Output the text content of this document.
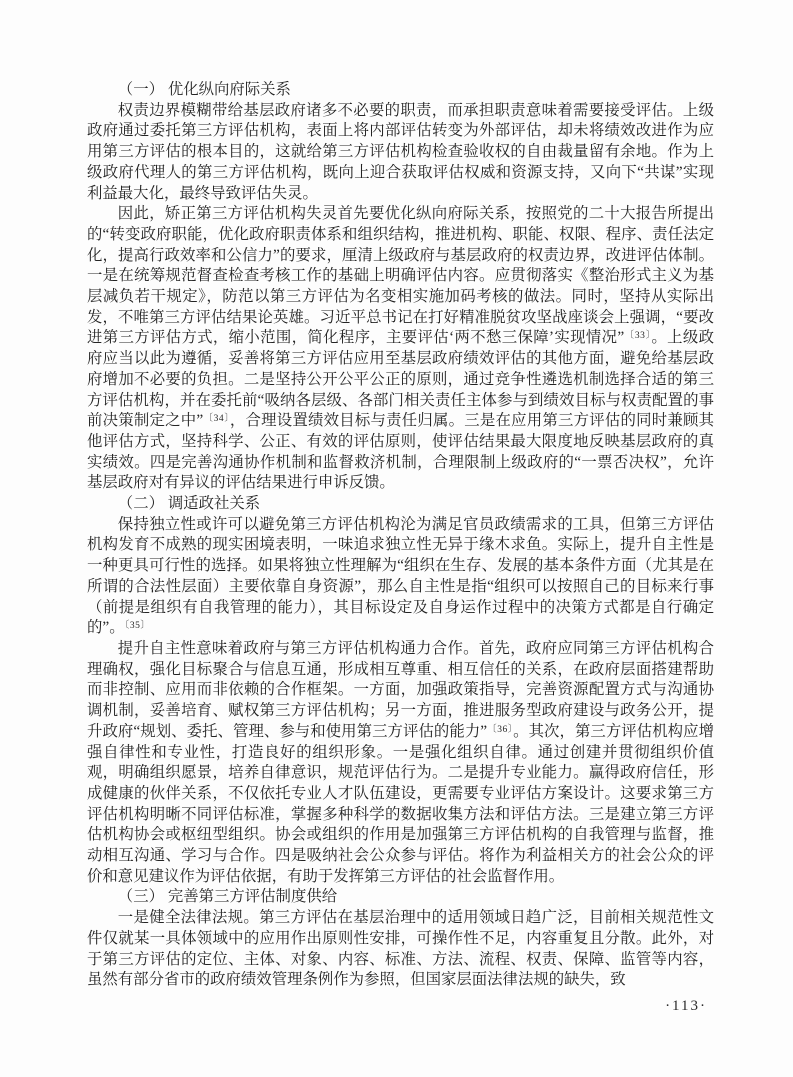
（一） 优化纵向府际关系

权责边界模糊带给基层政府诸多不必要的职责，而承担职责意味着需要接受评估。上级政府通过委托第三方评估机构，表面上将内部评估转变为外部评估，却未将绩效改进作为应用第三方评估的根本目的，这就给第三方评估机构检查验收权的自由裁量留有余地。作为上级政府代理人的第三方评估机构，既向上迎合获取评估权威和资源支持，又向下“共谋”实现利益最大化，最终导致评估失灵。

因此，矫正第三方评估机构失灵首先要优化纵向府际关系，按照党的二十大报告所提出的“转变政府职能，优化政府职责体系和组织结构，推进机构、职能、权限、程序、责任法定化，提高行政效率和公信力”的要求，厘清上级政府与基层政府的权责边界，改进评估体制。一是在统筹规范督查检查考核工作的基础上明确评估内容。应贯彻落实《整治形式主义为基层减负若干规定》，防范以第三方评估为名变相实施加码考核的做法。同时，坚持从实际出发，不唯第三方评估结果论英雄。习近平总书记在打好精准脱贫攻坚战座谈会上强调，“要改进第三方评估方式，缩小范围，简化程序，主要评估‘两不愁三保障’实现情况”$^{〔33〕}$。上级政府应当以此为遵循，妥善将第三方评估应用至基层政府绩效评估的其他方面，避免给基层政府增加不必要的负担。二是坚持公开公平公正的原则，通过竞争性遴选机制选择合适的第三方评估机构，并在委托前“吸纳各层级、各部门相关责任主体参与到绩效目标与权责配置的事前决策制定之中”$^{〔34〕}$，合理设置绩效目标与责任归属。三是在应用第三方评估的同时兼顾其他评估方式，坚持科学、公正、有效的评估原则，使评估结果最大限度地反映基层政府的真实绩效。四是完善沟通协作机制和监督救济机制，合理限制上级政府的“一票否决权”，允许基层政府对有异议的评估结果进行申诉反馈。

（二） 调适政社关系

保持独立性或许可以避免第三方评估机构沦为满足官员政绩需求的工具，但第三方评估机构发育不成熟的现实困境表明，一味追求独立性无异于缘木求鱼。实际上，提升自主性是一种更具可行性的选择。如果将独立性理解为“组织在生存、发展的基本条件方面（尤其是在所谓的合法性层面）主要依靠自身资源”，那么自主性是指“组织可以按照自己的目标来行事（前提是组织有自我管理的能力），其目标设定及自身运作过程中的决策方式都是自行确定的”。$^{〔35〕}$

提升自主性意味着政府与第三方评估机构通力合作。首先，政府应同第三方评估机构合理确权，强化目标聚合与信息互通，形成相互尊重、相互信任的关系，在政府层面搭建帮助而非控制、应用而非依赖的合作框架。一方面，加强政策指导，完善资源配置方式与沟通协调机制，妥善培育、赋权第三方评估机构；另一方面，推进服务型政府建设与政务公开，提升政府“规划、委托、管理、参与和使用第三方评估的能力”$^{〔36〕}$。其次，第三方评估机构应增强自律性和专业性，打造良好的组织形象。一是强化组织自律。通过创建并贯彻组织价值观，明确组织愿景，培养自律意识，规范评估行为。二是提升专业能力。赢得政府信任，形成健康的伙伴关系，不仅依托专业人才队伍建设，更需要专业评估方案设计。这要求第三方评估机构明晰不同评估标准，掌握多种科学的数据收集方法和评估方法。三是建立第三方评估机构协会或枢纽型组织。协会或组织的作用是加强第三方评估机构的自我管理与监督，推动相互沟通、学习与合作。四是吸纳社会公众参与评估。将作为利益相关方的社会公众的评价和意见建议作为评估依据，有助于发挥第三方评估的社会监督作用。

（三） 完善第三方评估制度供给

一是健全法律法规。第三方评估在基层治理中的适用领域日趋广泛，目前相关规范性文件仅就某一具体领域中的应用作出原则性安排，可操作性不足，内容重复且分散。此外，对于第三方评估的定位、主体、对象、内容、标准、方法、流程、权责、保障、监管等内容，虽然有部分省市的政府绩效管理条例作为参照，但国家层面法律法规的缺失，致

·113·
